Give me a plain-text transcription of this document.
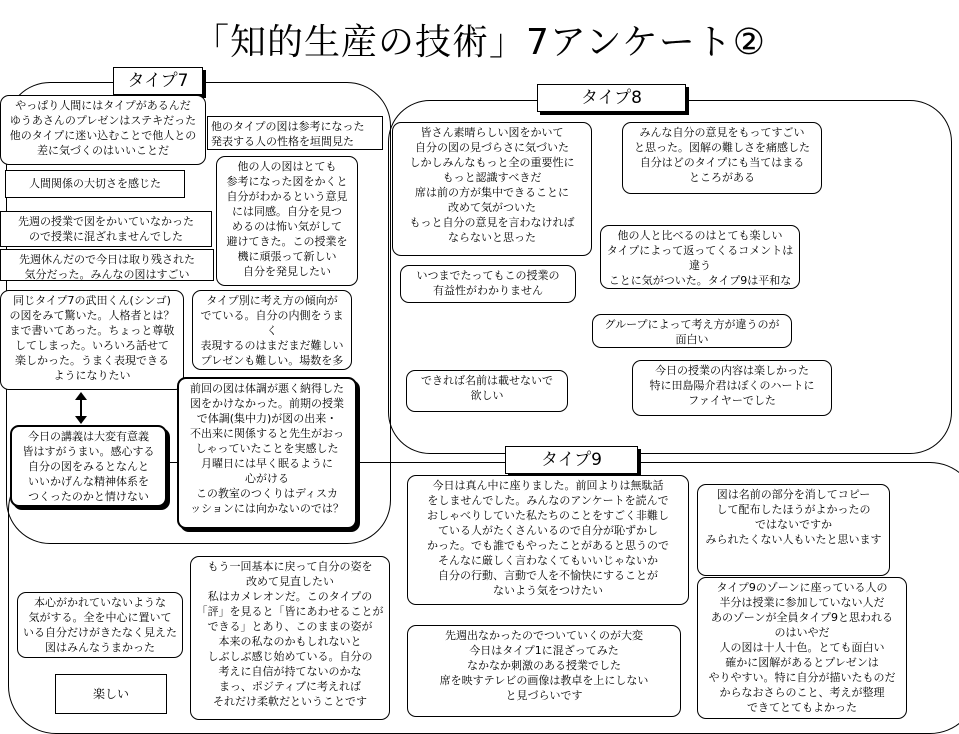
「知的生産の技術」7アンケート②
タイプ7
タイプ8
タイプ9
やっぱり人間にはタイプがあるんだ
ゆうあさんのプレゼンはステキだった
他のタイプに迷い込むことで他人との
差に気づくのはいいことだ
他のタイプの図は参考になった
発表する人の性格を垣間見た
人間関係の大切さを感じた
他の人の図はとても
参考になった図をかくと
自分がわかるという意見
には同感。自分を見つ
めるのは怖い気がして
避けてきた。この授業を
機に頑張って新しい
自分を発見したい
先週の授業で図をかいていなかった
ので授業に混ざれませんでした
先週休んだので今日は取り残された
気分だった。みんなの図はすごい
同じタイプ7の武田くん(シンゴ)
の図をみて驚いた。人格者とは？
まで書いてあった。ちょっと尊敬
してしまった。いろいろ話せて
楽しかった。うまく表現できる
ようになりたい
タイプ別に考え方の傾向が
でている。自分の内側をうまく
表現するのはまだまだ難しい
プレゼンも難しい。場数を多

前回の図は体調が悪く納得した
図をかけなかった。前期の授業
で体調(集中力)が図の出来・
不出来に関係すると先生がおっ
しゃっていたことを実感した
月曜日には早く眠るように
心がける
この教室のつくりはディスカ
ッションには向かないのでは？
今日の講義は大変有意義
皆はすがうまい。感心する
自分の図をみるとなんと
いいかげんな精神体系を
つくったのかと情けない
皆さん素晴らしい図をかいて
自分の図の見づらさに気づいた
しかしみんなもっと全の重要性に
もっと認識すべきだ
席は前の方が集中できることに
改めて気がついた
もっと自分の意見を言わなければ
ならないと思った
みんな自分の意見をもってすごい
と思った。図解の難しさを痛感した
自分はどのタイプにも当てはまる
ところがある
他の人と比べるのはとても楽しい
タイプによって返ってくるコメントは違う
ことに気がついた。タイプ9は平和な

いつまでたってもこの授業の
有益性がわかりません
グループによって考え方が違うのが
面白い
できれば名前は載せないで
欲しい
今日の授業の内容は楽しかった
特に田島陽介君はぼくのハートに
ファイヤーでした
今日は真ん中に座りました。前回よりは無駄話
をしませんでした。みんなのアンケートを読んで
おしゃべりしていた私たちのことをすごく非難し
ている人がたくさんいるので自分が恥ずかし
かった。でも誰でもやったことがあると思うので
そんなに厳しく言わなくてもいいじゃないか
自分の行動、言動で人を不愉快にすることが
ないよう気をつけたい
図は名前の部分を消してコピー
して配布したほうがよかったの
ではないですか
みられたくない人もいたと思います
もう一回基本に戻って自分の姿を
改めて見直したい
私はカメレオンだ。このタイプの
「評」を見ると「皆にあわせることが
できる」とあり、このままの姿が
本来の私なのかもしれないと
しぶしぶ感じ始めている。自分の
考えに自信が持てないのかな
まっ、ポジティブに考えれば
それだけ柔軟だということです
本心がかれていないような
気がする。全を中心に置いて
いる自分だけがきたなく見えた
図はみんなうまかった
楽しい
先週出なかったのでついていくのが大変
今日はタイプ1に混ざってみた
なかなか刺激のある授業でした
席を映すテレビの画像は教卓を上にしない
と見づらいです
タイプ9のゾーンに座っている人の
半分は授業に参加していない人だ
あのゾーンが全員タイプ9と思われる
のはいやだ
人の図は十人十色。とても面白い
確かに図解があるとプレゼンは
やりやすい。特に自分が描いたものだ
からなおさらのこと、考えが整理
できてとてもよかった
